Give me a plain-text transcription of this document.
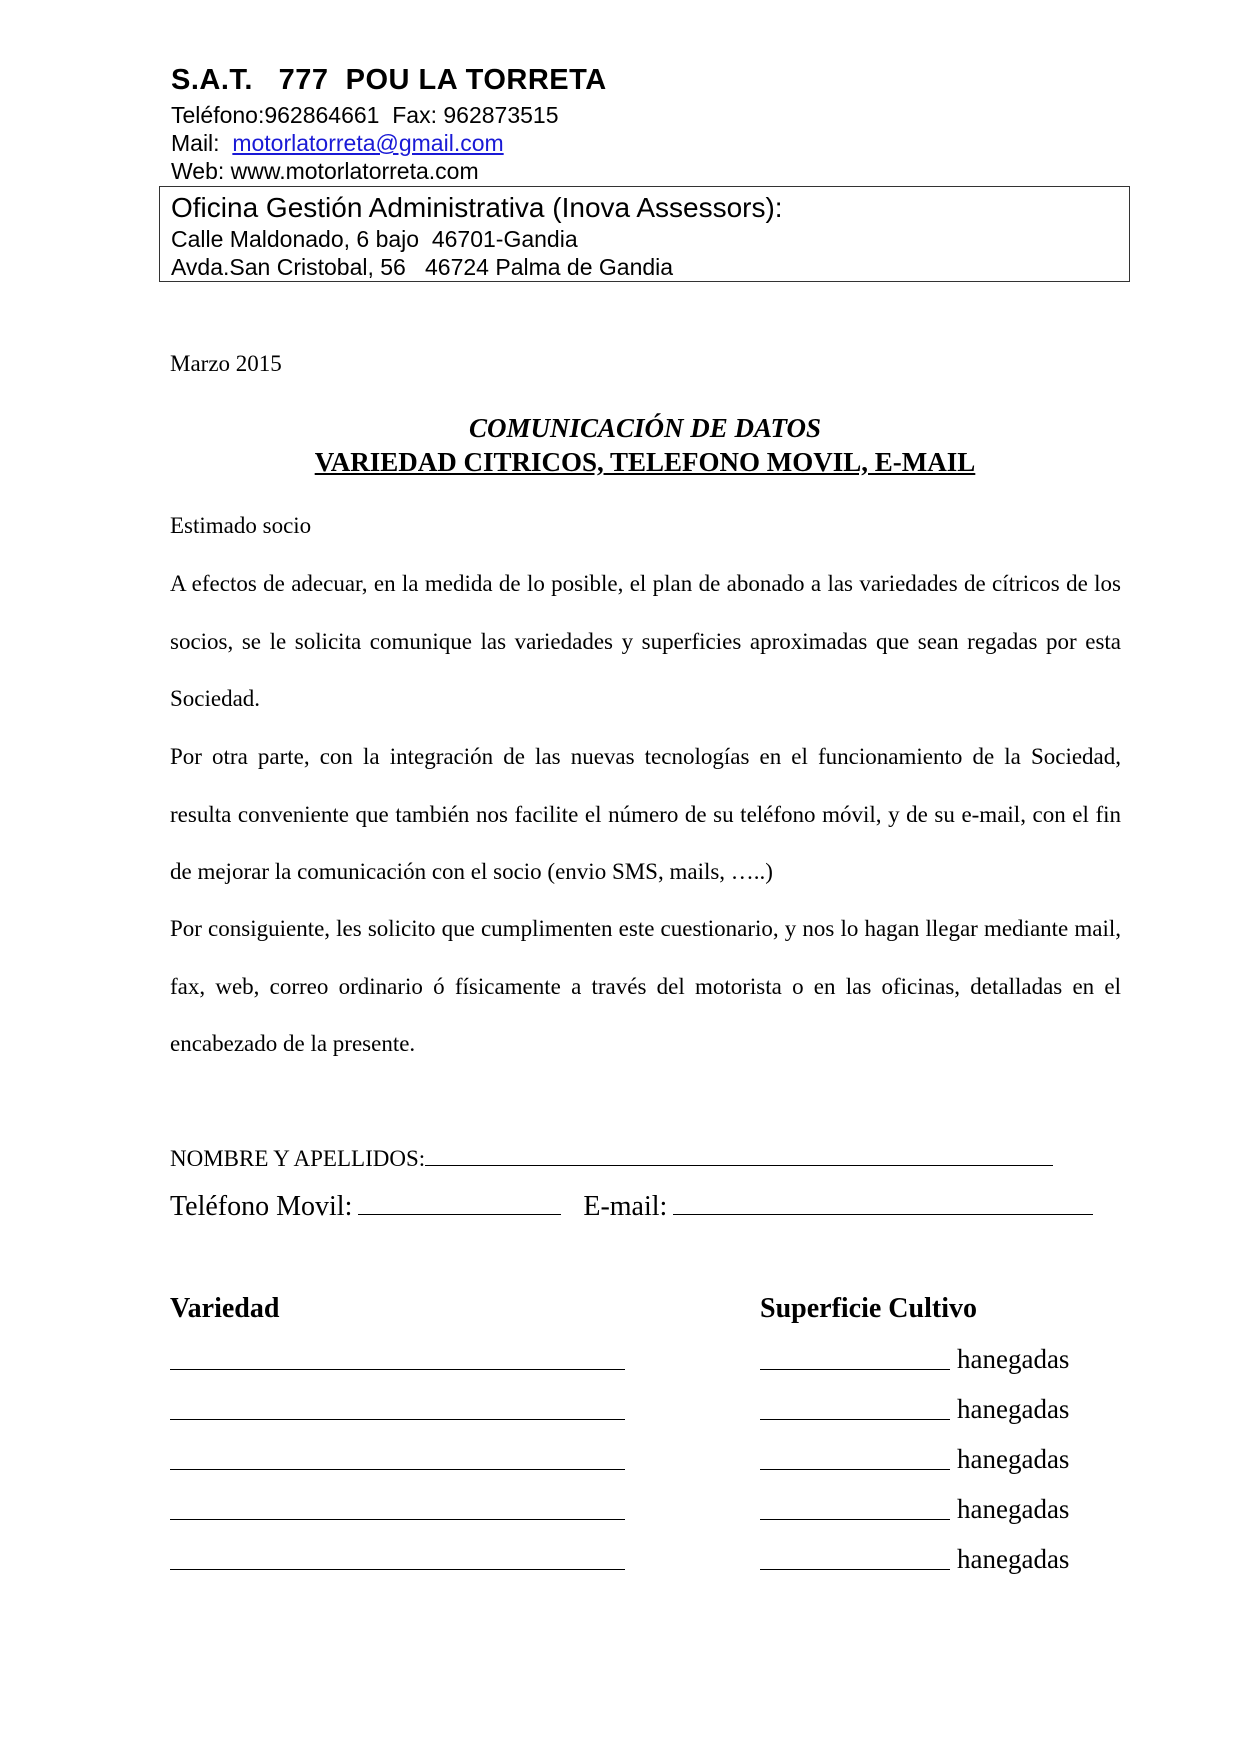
S.A.T.   777  POU LA TORRETA
Teléfono:962864661  Fax: 962873515
Mail:  motorlatorreta@gmail.com
Web: www.motorlatorreta.com
Oficina Gestión Administrativa (Inova Assessors):
Calle Maldonado, 6 bajo  46701-Gandia
Avda.San Cristobal, 56   46724 Palma de Gandia
Marzo 2015
COMUNICACIÓN DE DATOS
VARIEDAD CITRICOS, TELEFONO MOVIL, E-MAIL
Estimado socio

A efectos de adecuar, en la medida de lo posible, el plan de abonado a las variedades de cítricos de los socios, se le solicita comunique las variedades y superficies aproximadas que sean regadas por esta Sociedad.

Por otra parte, con la integración de las nuevas tecnologías en el funcionamiento de la Sociedad, resulta conveniente que también nos facilite el número de su teléfono móvil, y de su e-mail, con el fin de mejorar la comunicación con el socio (envio SMS, mails, …..)

Por consiguiente, les solicito que cumplimenten este cuestionario, y nos lo hagan llegar mediante mail, fax, web, correo ordinario ó físicamente a través del motorista o en las oficinas, detalladas en el encabezado de la presente.

NOMBRE Y APELLIDOS:
Teléfono Movil:	E-mail:
Variedad	Superficie Cultivo
hanegadas
hanegadas
hanegadas
hanegadas
hanegadas
